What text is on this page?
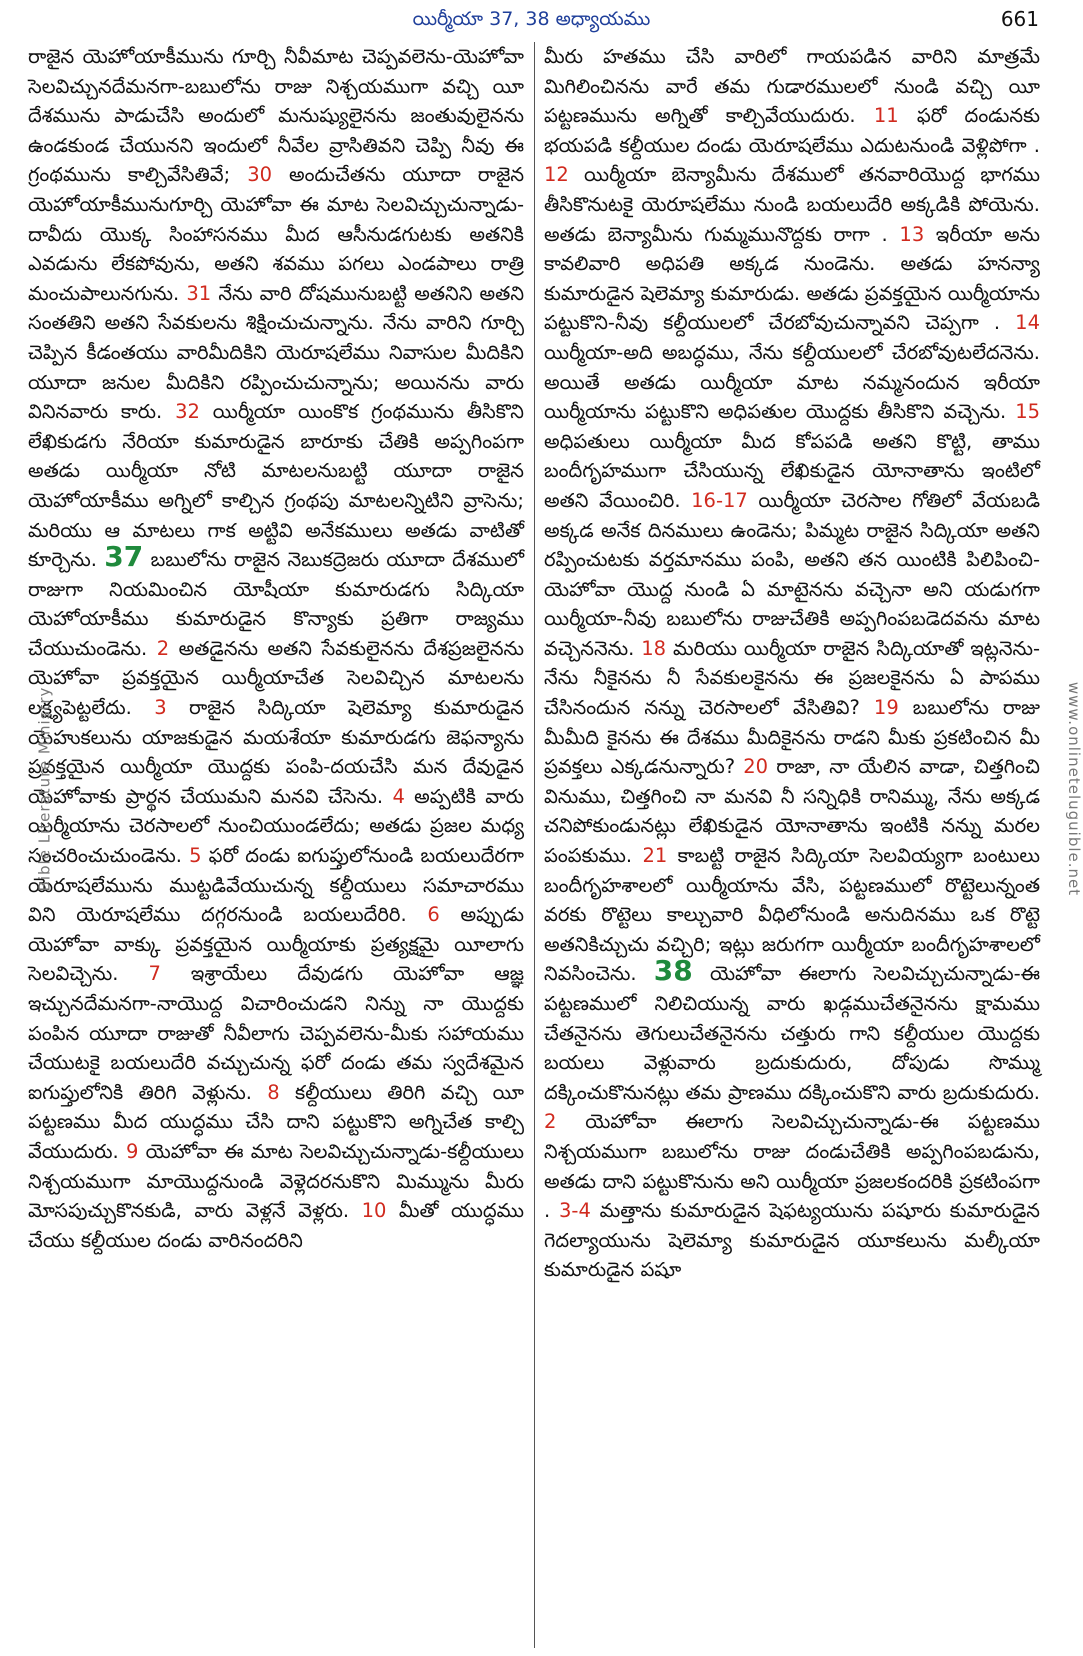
యిర్మీయా 37, 38 అధ్యాయము	661

రాజైన యెహోయాకీమును గూర్చి నీవీమాట చెప్పవలెను-యెహోవా సెలవిచ్చునదేమనగా-బబులోను రాజు నిశ్చయముగా వచ్చి యీ దేశమును పాడుచేసి అందులో మనుష్యులైనను జంతువులైనను ఉండకుండ చేయునని ఇందులో నీవేల వ్రాసితివని చెప్పి నీవు ఈ గ్రంథమును కాల్చివేసితివే; 30 అందుచేతను యూదా రాజైన యెహోయాకీమునుగూర్చి యెహోవా ఈ మాట సెలవిచ్చుచున్నాడు-దావీదు యొక్క సింహాసనము మీద ఆసీనుడగుటకు అతనికి ఎవడును లేకపోవును, అతని శవము పగలు ఎండపాలు రాత్రి మంచుపాలునగును. 31 నేను వారి దోషమునుబట్టి అతనిని అతని సంతతిని అతని సేవకులను శిక్షించుచున్నాను. నేను వారిని గూర్చి చెప్పిన కీడంతయు వారిమీదికిని యెరూషలేము నివాసుల మీదికిని యూదా జనుల మీదికిని రప్పించుచున్నాను; అయినను వారు వినినవారు కారు. 32 యిర్మీయా యింకొక గ్రంథమును తీసికొని లేఖికుడగు నేరియా కుమారుడైన బారూకు చేతికి అప్పగింపగా అతడు యిర్మీయా నోటి మాటలనుబట్టి యూదా రాజైన యెహోయాకీము అగ్నిలో కాల్చిన గ్రంథపు మాటలన్నిటిని వ్రాసెను; మరియు ఆ మాటలు గాక అట్టివి అనేకములు అతడు వాటితో కూర్చెను. 37 బబులోను రాజైన నెబుకద్రెజరు యూదా దేశములో రాజుగా నియమించిన యోషీయా కుమారుడగు సిద్కియా యెహోయాకీము కుమారుడైన కొన్యాకు ప్రతిగా రాజ్యము చేయుచుండెను. 2 అతడైనను అతని సేవకులైనను దేశప్రజలైనను యెహోవా ప్రవక్తయైన యిర్మీయాచేత సెలవిచ్చిన మాటలను లక్ష్యపెట్టలేదు. 3 రాజైన సిద్కియా షెలెమ్యా కుమారుడైన యెహుకలును యాజకుడైన మయశేయా కుమారుడగు జెఫన్యాను ప్రవక్తయైన యిర్మీయా యొద్దకు పంపి-దయచేసి మన దేవుడైన యెహోవాకు ప్రార్థన చేయుమని మనవి చేసెను. 4 అప్పటికి వారు యిర్మీయాను చెరసాలలో నుంచియుండలేదు; అతడు ప్రజల మధ్య సంచరించుచుండెను. 5 ఫరో దండు ఐగుప్తులోనుండి బయలుదేరగా యెరూషలేమును ముట్టడివేయుచున్న కల్దీయులు సమాచారము విని యెరూషలేము దగ్గరనుండి బయలుదేరిరి. 6 అప్పుడు యెహోవా వాక్కు ప్రవక్తయైన యిర్మీయాకు ప్రత్యక్షమై యీలాగు సెలవిచ్చెను. 7 ఇశ్రాయేలు దేవుడగు యెహోవా ఆజ్ఞ ఇచ్చునదేమనగా-నాయొద్ద విచారించుడని నిన్ను నా యొద్దకు పంపిన యూదా రాజుతో నీవీలాగు చెప్పవలెను-మీకు సహాయము చేయుటకై బయలుదేరి వచ్చుచున్న ఫరో దండు తమ స్వదేశమైన ఐగుప్తులోనికి తిరిగి వెళ్లును. 8 కల్దీయులు తిరిగి వచ్చి యీ పట్టణము మీద యుద్ధము చేసి దాని పట్టుకొని అగ్నిచేత కాల్చి వేయుదురు. 9 యెహోవా ఈ మాట సెలవిచ్చుచున్నాడు-కల్దీయులు నిశ్చయముగా మాయొద్దనుండి వెళ్లెదరనుకొని మిమ్మును మీరు మోసపుచ్చుకొనకుడి, వారు వెళ్లనే వెళ్లరు. 10 మీతో యుద్ధము చేయు కల్దీయుల దండు వారినందరిని

మీరు హతము చేసి వారిలో గాయపడిన వారిని మాత్రమే మిగిలించినను వారే తమ గుడారములలో నుండి వచ్చి యీ పట్టణమును అగ్నితో కాల్చివేయుదురు. 11 ఫరో దండునకు భయపడి కల్దీయుల దండు యెరూషలేము ఎదుటనుండి వెళ్లిపోగా . 12 యిర్మీయా బెన్యామీను దేశములో తనవారియొద్ద భాగము తీసికొనుటకై యెరూషలేము నుండి బయలుదేరి అక్కడికి పోయెను. అతడు బెన్యామీను గుమ్మమునొద్దకు రాగా . 13 ఇరీయా అను కావలివారి అధిపతి అక్కడ నుండెను. అతడు హనన్యా కుమారుడైన షెలెమ్యా కుమారుడు. అతడు ప్రవక్తయైన యిర్మీయాను పట్టుకొని-నీవు కల్దీయులలో చేరబోవుచున్నావని చెప్పగా . 14 యిర్మీయా-అది అబద్ధము, నేను కల్దీయులలో చేరబోవుటలేదనెను. అయితే అతడు యిర్మీయా మాట నమ్మనందున ఇరీయా యిర్మీయాను పట్టుకొని అధిపతుల యొద్దకు తీసికొని వచ్చెను. 15 అధిపతులు యిర్మీయా మీద కోపపడి అతని కొట్టి, తాము బందీగృహముగా చేసియున్న లేఖికుడైన యోనాతాను ఇంటిలో అతని వేయించిరి. 16-17 యిర్మీయా చెరసాల గోతిలో వేయబడి అక్కడ అనేక దినములు ఉండెను; పిమ్మట రాజైన సిద్కియా అతని రప్పించుటకు వర్తమానము పంపి, అతని తన యింటికి పిలిపించి-యెహోవా యొద్ద నుండి ఏ మాటైనను వచ్చెనా అని యడుగగా యిర్మీయా-నీవు బబులోను రాజుచేతికి అప్పగింపబడెదవను మాట వచ్చెననెను. 18 మరియు యిర్మీయా రాజైన సిద్కియాతో ఇట్లనెను-నేను నీకైనను నీ సేవకులకైనను ఈ ప్రజలకైనను ఏ పాపము చేసినందున నన్ను చెరసాలలో వేసితివి? 19 బబులోను రాజు మీమీది కైనను ఈ దేశము మీదికైనను రాడని మీకు ప్రకటించిన మీ ప్రవక్తలు ఎక్కడనున్నారు? 20 రాజా, నా యేలిన వాడా, చిత్తగించి వినుము, చిత్తగించి నా మనవి నీ సన్నిధికి రానిమ్ము, నేను అక్కడ చనిపోకుండునట్లు లేఖికుడైన యోనాతాను ఇంటికి నన్ను మరల పంపకుము. 21 కాబట్టి రాజైన సిద్కియా సెలవియ్యగా బంటులు బందీగృహశాలలో యిర్మీయాను వేసి, పట్టణములో రొట్టెలున్నంత వరకు రొట్టెలు కాల్చువారి వీధిలోనుండి అనుదినము ఒక రొట్టె అతనికిచ్చుచు వచ్చిరి; ఇట్లు జరుగగా యిర్మీయా బందీగృహశాలలో నివసించెను. 38 యెహోవా ఈలాగు సెలవిచ్చుచున్నాడు-ఈ పట్టణములో నిలిచియున్న వారు ఖడ్గముచేతనైనను క్షామము చేతనైనను తెగులుచేతనైనను చత్తురు గాని కల్దీయుల యొద్దకు బయలు వెళ్లువారు బ్రదుకుదురు, దోపుడు సొమ్ము దక్కించుకొనునట్లు తమ ప్రాణము దక్కించుకొని వారు బ్రదుకుదురు. 2 యెహోవా ఈలాగు సెలవిచ్చుచున్నాడు-ఈ పట్టణము నిశ్చయముగా బబులోను రాజు దండుచేతికి అప్పగింపబడును, అతడు దాని పట్టుకొనును అని యిర్మీయా ప్రజలకందరికి ప్రకటింపగా . 3-4 మత్తాను కుమారుడైన షెఫట్యయును పషూరు కుమారుడైన గెదల్యాయును షెలెమ్యా కుమారుడైన యూకలును మల్కీయా కుమారుడైన పషూ

Bible Literature Ministry	www.onlineteluguible.net
